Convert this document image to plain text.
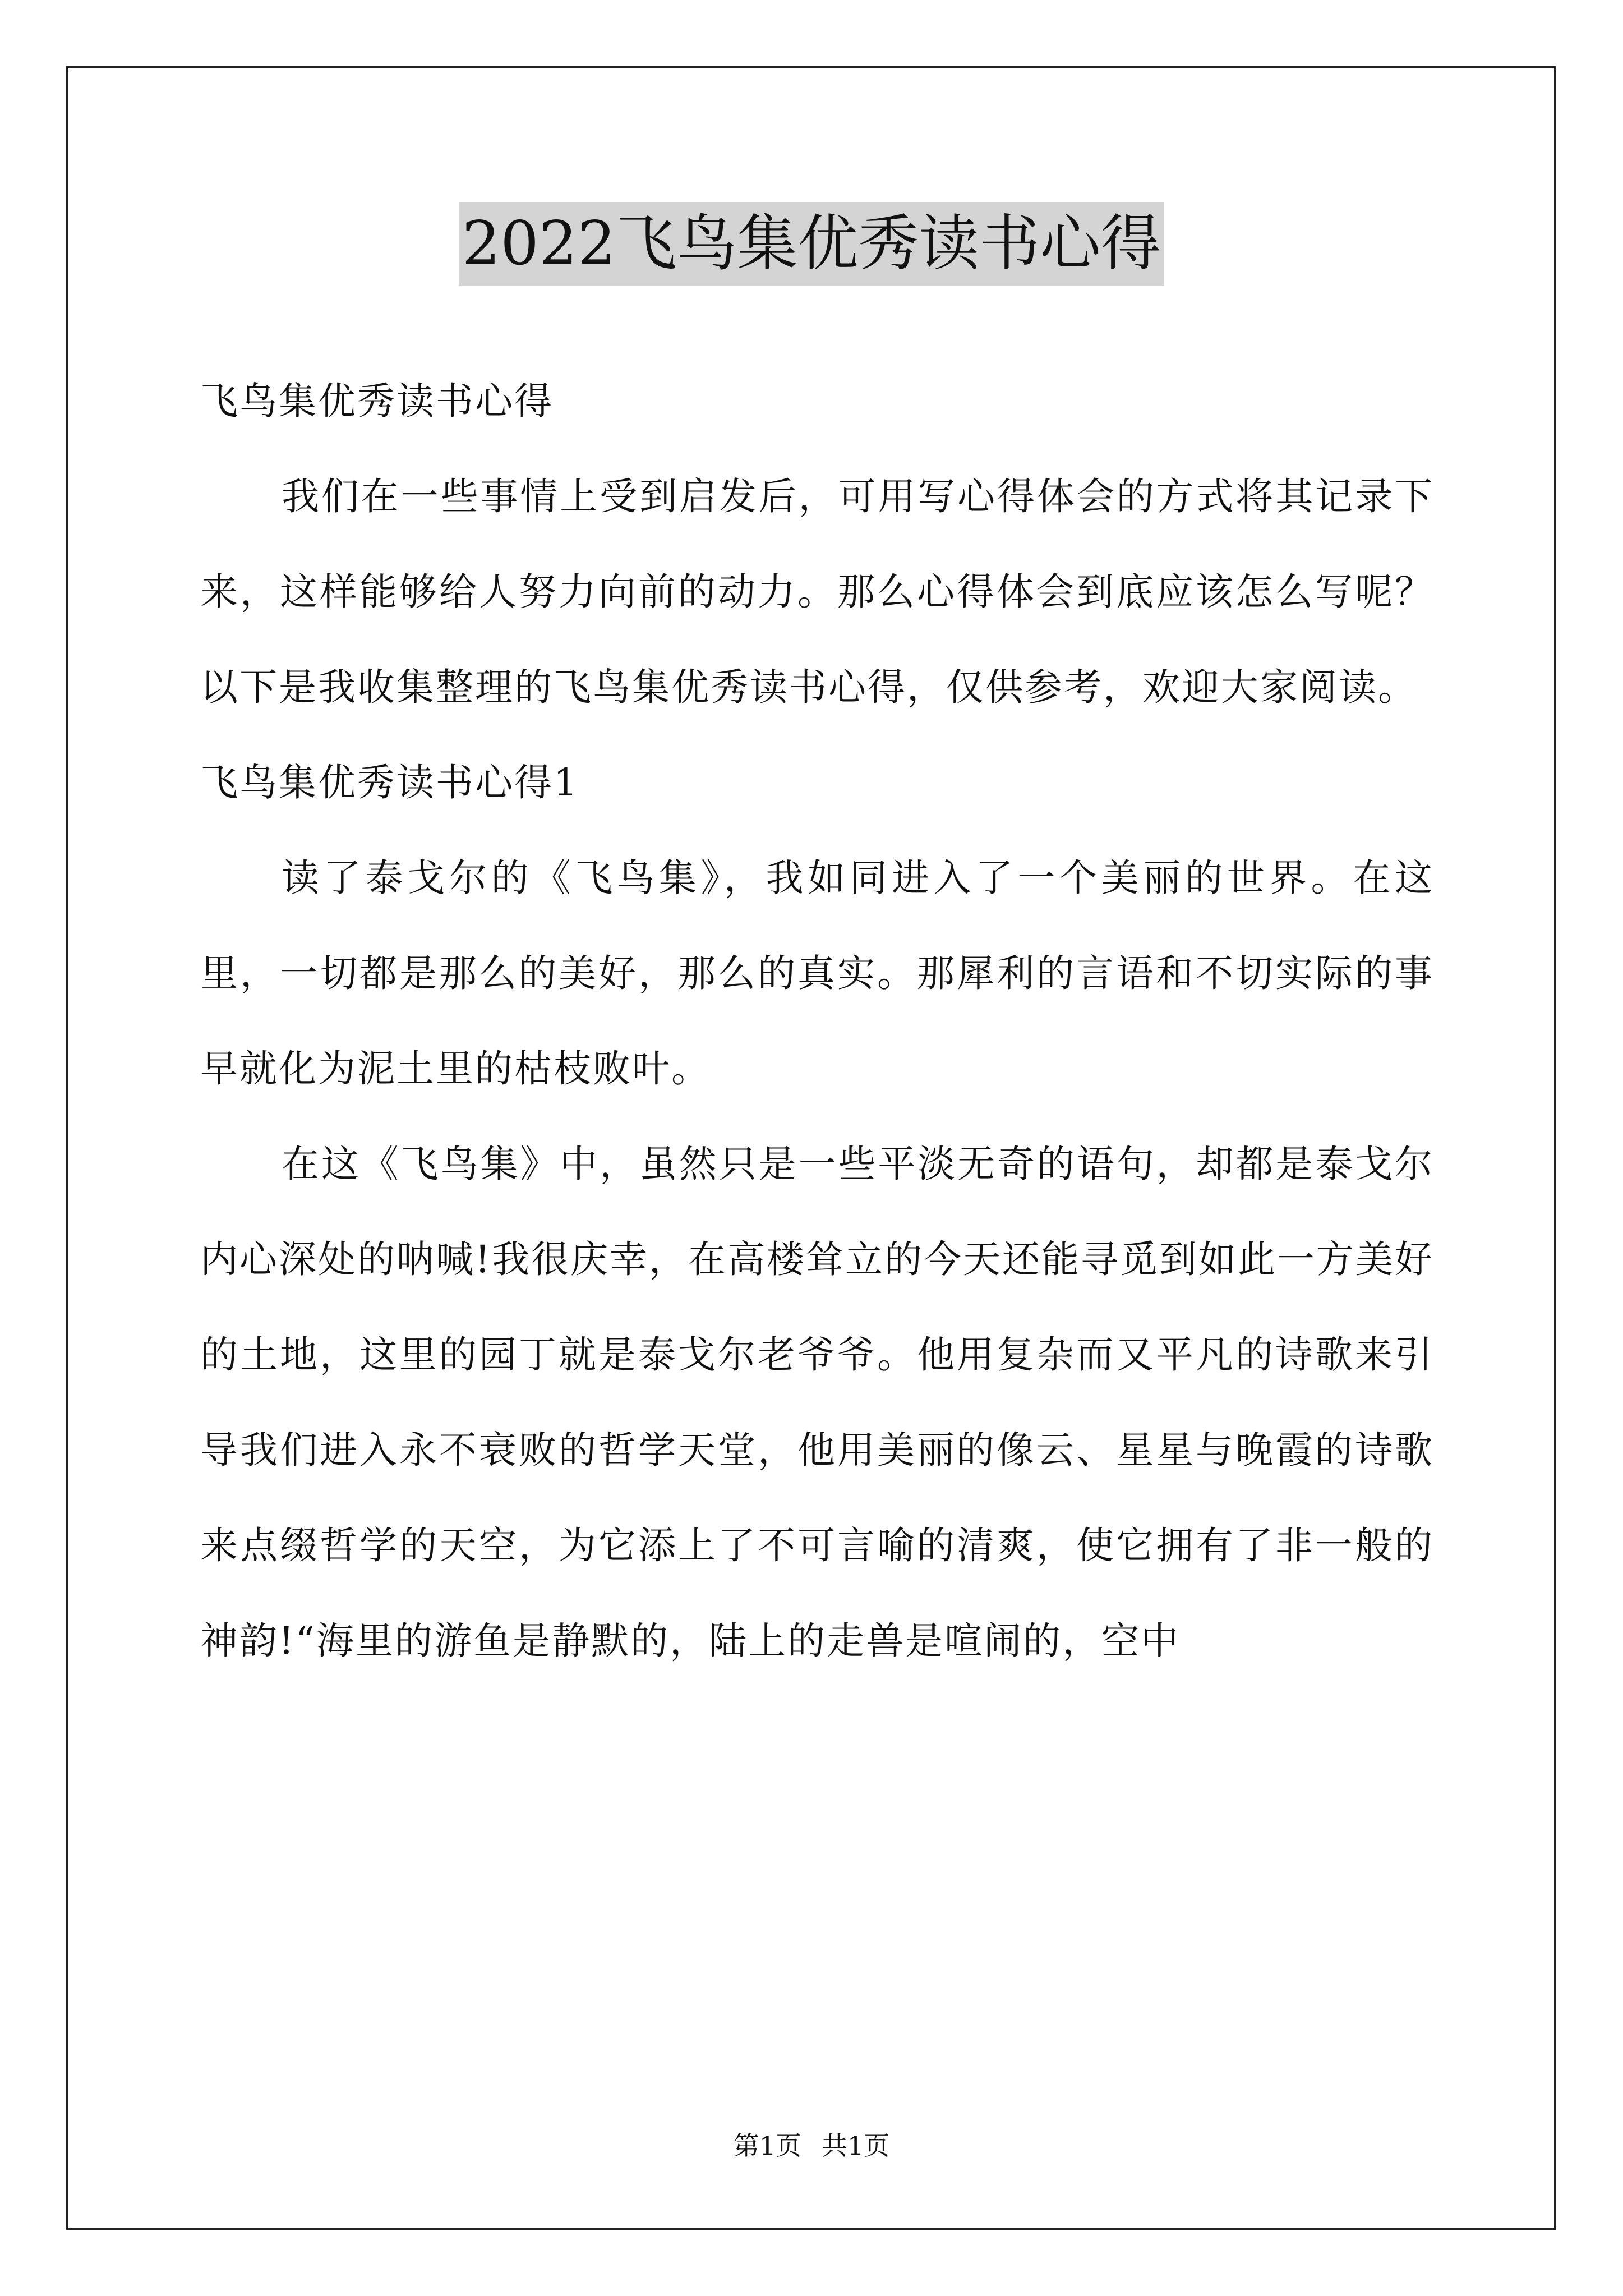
2022飞鸟集优秀读书心得

飞鸟集优秀读书心得

我们在一些事情上受到启发后，可用写心得体会的方式将其记录下来，这样能够给人努力向前的动力。那么心得体会到底应该怎么写呢？以下是我收集整理的飞鸟集优秀读书心得，仅供参考，欢迎大家阅读。

飞鸟集优秀读书心得1

读了泰戈尔的《飞鸟集》，我如同进入了一个美丽的世界。在这里，一切都是那么的美好，那么的真实。那犀利的言语和不切实际的事早就化为泥土里的枯枝败叶。

在这《飞鸟集》中，虽然只是一些平淡无奇的语句，却都是泰戈尔内心深处的呐喊!我很庆幸，在高楼耸立的今天还能寻觅到如此一方美好的土地，这里的园丁就是泰戈尔老爷爷。他用复杂而又平凡的诗歌来引导我们进入永不衰败的哲学天堂，他用美丽的像云、星星与晚霞的诗歌来点缀哲学的天空，为它添上了不可言喻的清爽，使它拥有了非一般的神韵!“海里的游鱼是静默的，陆上的走兽是喧闹的，空中

第1页 共1页
